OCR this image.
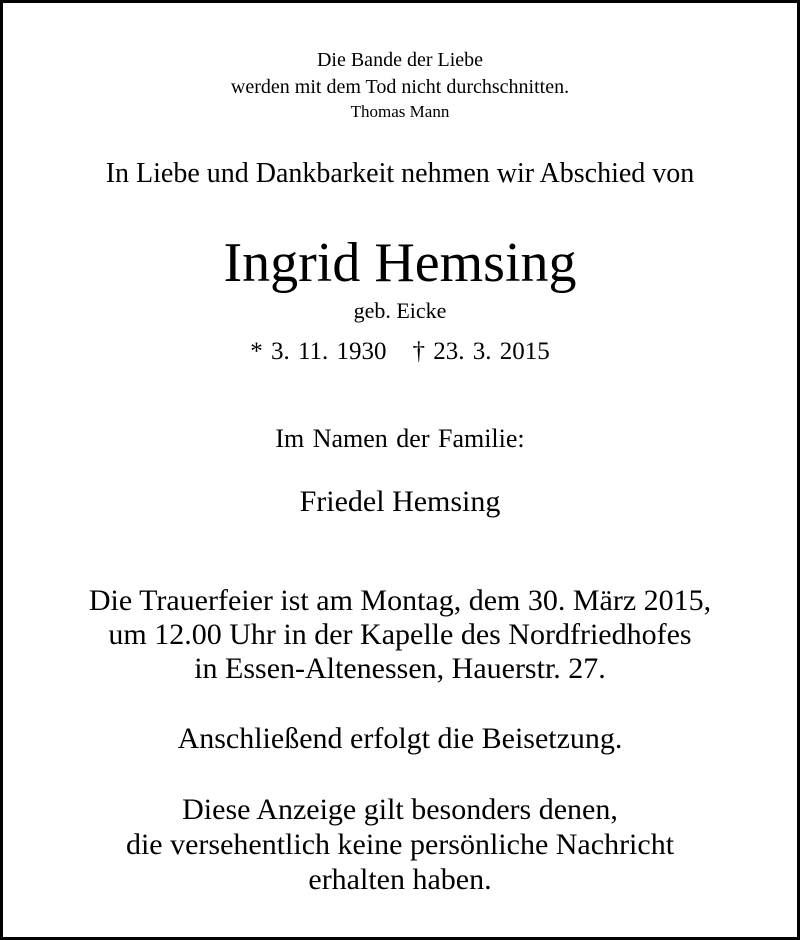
Die Bande der Liebe

werden mit dem Tod nicht durchschnitten.

Thomas Mann

In Liebe und Dankbarkeit nehmen wir Abschied von

Ingrid Hemsing

geb. Eicke

* 3. 11. 1930 † 23. 3. 2015

Im Namen der Familie:

Friedel Hemsing

Die Trauerfeier ist am Montag, dem 30. März 2015,

um 12.00 Uhr in der Kapelle des Nordfriedhofes

in Essen-Altenessen, Hauerstr. 27.

Anschließend erfolgt die Beisetzung.

Diese Anzeige gilt besonders denen,

die versehentlich keine persönliche Nachricht

erhalten haben.
